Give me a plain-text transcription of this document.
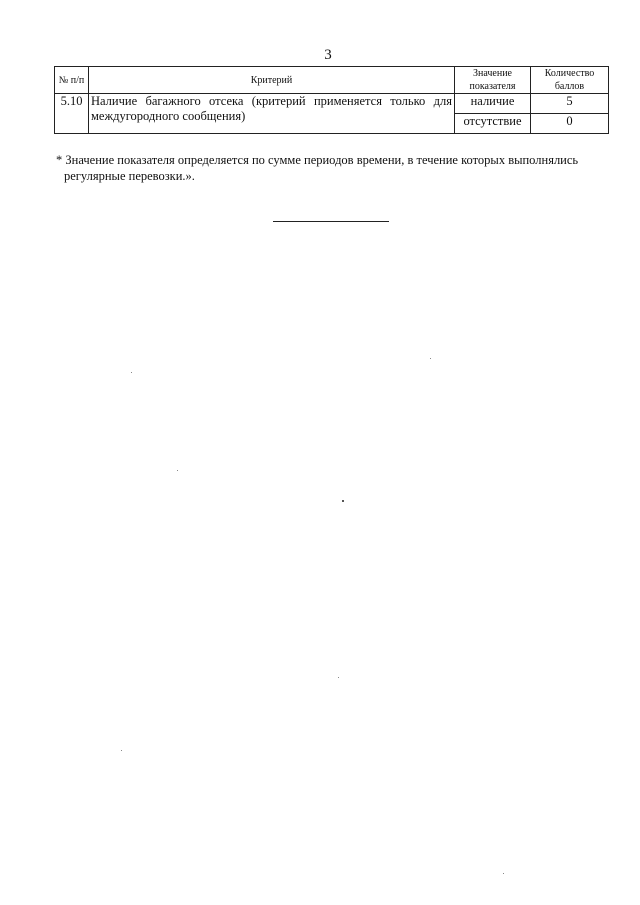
3
№ п/п	Критерий	Значение показателя	Количество баллов
5.10	Наличие багажного отсека (критерий применяется только для междугородного сообщения)	наличие	5
		отсутствие	0
* Значение показателя определяется по сумме периодов времени, в течение которых выполнялись
регулярные перевозки.».
